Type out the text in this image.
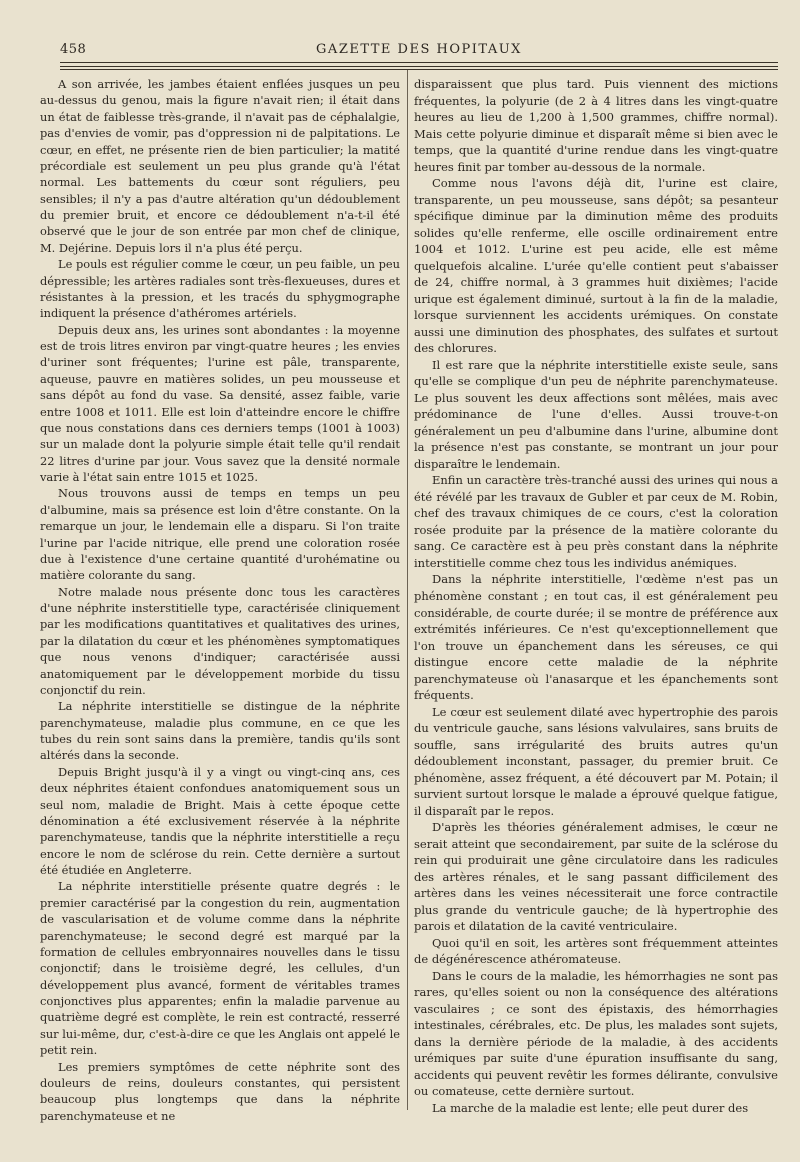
458	GAZETTE DES HOPITAUX

A son arrivée, les jambes étaient enflées jusques un peu au-dessus du genou, mais la figure n'avait rien; il était dans un état de faiblesse très-grande, il n'avait pas de céphalalgie, pas d'envies de vomir, pas d'oppression ni de palpitations. Le cœur, en effet, ne présente rien de bien particulier; la matité précordiale est seulement un peu plus grande qu'à l'état normal. Les battements du cœur sont réguliers, peu sensibles; il n'y a pas d'autre altération qu'un dédoublement du premier bruit, et encore ce dédoublement n'a-t-il été observé que le jour de son entrée par mon chef de clinique, M. Dejérine. Depuis lors il n'a plus été perçu.

Le pouls est régulier comme le cœur, un peu faible, un peu dépressible; les artères radiales sont très-flexueuses, dures et résistantes à la pression, et les tracés du sphygmographe indiquent la présence d'athéromes artériels.

Depuis deux ans, les urines sont abondantes : la moyenne est de trois litres environ par vingt-quatre heures ; les envies d'uriner sont fréquentes; l'urine est pâle, transparente, aqueuse, pauvre en matières solides, un peu mousseuse et sans dépôt au fond du vase. Sa densité, assez faible, varie entre 1008 et 1011. Elle est loin d'atteindre encore le chiffre que nous constations dans ces derniers temps (1001 à 1003) sur un malade dont la polyurie simple était telle qu'il rendait 22 litres d'urine par jour. Vous savez que la densité normale varie à l'état sain entre 1015 et 1025.

Nous trouvons aussi de temps en temps un peu d'albumine, mais sa présence est loin d'être constante. On la remarque un jour, le lendemain elle a disparu. Si l'on traite l'urine par l'acide nitrique, elle prend une coloration rosée due à l'existence d'une certaine quantité d'urohématine ou matière colorante du sang.

Notre malade nous présente donc tous les caractères d'une néphrite insterstitielle type, caractérisée cliniquement par les modifications quantitatives et qualitatives des urines, par la dilatation du cœur et les phénomènes symptomatiques que nous venons d'indiquer; caractérisée aussi anatomiquement par le développement morbide du tissu conjonctif du rein.

La néphrite interstitielle se distingue de la néphrite parenchymateuse, maladie plus commune, en ce que les tubes du rein sont sains dans la première, tandis qu'ils sont altérés dans la seconde.

Depuis Bright jusqu'à il y a vingt ou vingt-cinq ans, ces deux néphrites étaient confondues anatomiquement sous un seul nom, maladie de Bright. Mais à cette époque cette dénomination a été exclusivement réservée à la néphrite parenchymateuse, tandis que la néphrite interstitielle a reçu encore le nom de sclérose du rein. Cette dernière a surtout été étudiée en Angleterre.

La néphrite interstitielle présente quatre degrés : le premier caractérisé par la congestion du rein, augmentation de vascularisation et de volume comme dans la néphrite parenchymateuse; le second degré est marqué par la formation de cellules embryonnaires nouvelles dans le tissu conjonctif; dans le troisième degré, les cellules, d'un développement plus avancé, forment de véritables trames conjonctives plus apparentes; enfin la maladie parvenue au quatrième degré est complète, le rein est contracté, resserré sur lui-même, dur, c'est-à-dire ce que les Anglais ont appelé le petit rein.

Les premiers symptômes de cette néphrite sont des douleurs de reins, douleurs constantes, qui persistent beaucoup plus longtemps que dans la néphrite parenchymateuse et ne

disparaissent que plus tard. Puis viennent des mictions fréquentes, la polyurie (de 2 à 4 litres dans les vingt-quatre heures au lieu de 1,200 à 1,500 grammes, chiffre normal). Mais cette polyurie diminue et disparaît même si bien avec le temps, que la quantité d'urine rendue dans les vingt-quatre heures finit par tomber au-dessous de la normale.

Comme nous l'avons déjà dit, l'urine est claire, transparente, un peu mousseuse, sans dépôt; sa pesanteur spécifique diminue par la diminution même des produits solides qu'elle renferme, elle oscille ordinairement entre 1004 et 1012. L'urine est peu acide, elle est même quelquefois alcaline. L'urée qu'elle contient peut s'abaisser de 24, chiffre normal, à 3 grammes huit dixièmes; l'acide urique est également diminué, surtout à la fin de la maladie, lorsque surviennent les accidents urémiques. On constate aussi une diminution des phosphates, des sulfates et surtout des chlorures.

Il est rare que la néphrite interstitielle existe seule, sans qu'elle se complique d'un peu de néphrite parenchymateuse. Le plus souvent les deux affections sont mêlées, mais avec prédominance de l'une d'elles. Aussi trouve-t-on généralement un peu d'albumine dans l'urine, albumine dont la présence n'est pas constante, se montrant un jour pour disparaître le lendemain.

Enfin un caractère très-tranché aussi des urines qui nous a été révélé par les travaux de Gubler et par ceux de M. Robin, chef des travaux chimiques de ce cours, c'est la coloration rosée produite par la présence de la matière colorante du sang. Ce caractère est à peu près constant dans la néphrite interstitielle comme chez tous les individus anémiques.

Dans la néphrite interstitielle, l'œdème n'est pas un phénomène constant ; en tout cas, il est généralement peu considérable, de courte durée; il se montre de préférence aux extrémités inférieures. Ce n'est qu'exceptionnellement que l'on trouve un épanchement dans les séreuses, ce qui distingue encore cette maladie de la néphrite parenchymateuse où l'anasarque et les épanchements sont fréquents.

Le cœur est seulement dilaté avec hypertrophie des parois du ventricule gauche, sans lésions valvulaires, sans bruits de souffle, sans irrégularité des bruits autres qu'un dédoublement inconstant, passager, du premier bruit. Ce phénomène, assez fréquent, a été découvert par M. Potain; il survient surtout lorsque le malade a éprouvé quelque fatigue, il disparaît par le repos.

D'après les théories généralement admises, le cœur ne serait atteint que secondairement, par suite de la sclérose du rein qui produirait une gêne circulatoire dans les radicules des artères rénales, et le sang passant difficilement des artères dans les veines nécessiterait une force contractile plus grande du ventricule gauche; de là hypertrophie des parois et dilatation de la cavité ventriculaire.

Quoi qu'il en soit, les artères sont fréquemment atteintes de dégénérescence athéromateuse.

Dans le cours de la maladie, les hémorrhagies ne sont pas rares, qu'elles soient ou non la conséquence des altérations vasculaires ; ce sont des épistaxis, des hémorrhagies intestinales, cérébrales, etc. De plus, les malades sont sujets, dans la dernière période de la maladie, à des accidents urémiques par suite d'une épuration insuffisante du sang, accidents qui peuvent revêtir les formes délirante, convulsive ou comateuse, cette dernière surtout.

La marche de la maladie est lente; elle peut durer des
